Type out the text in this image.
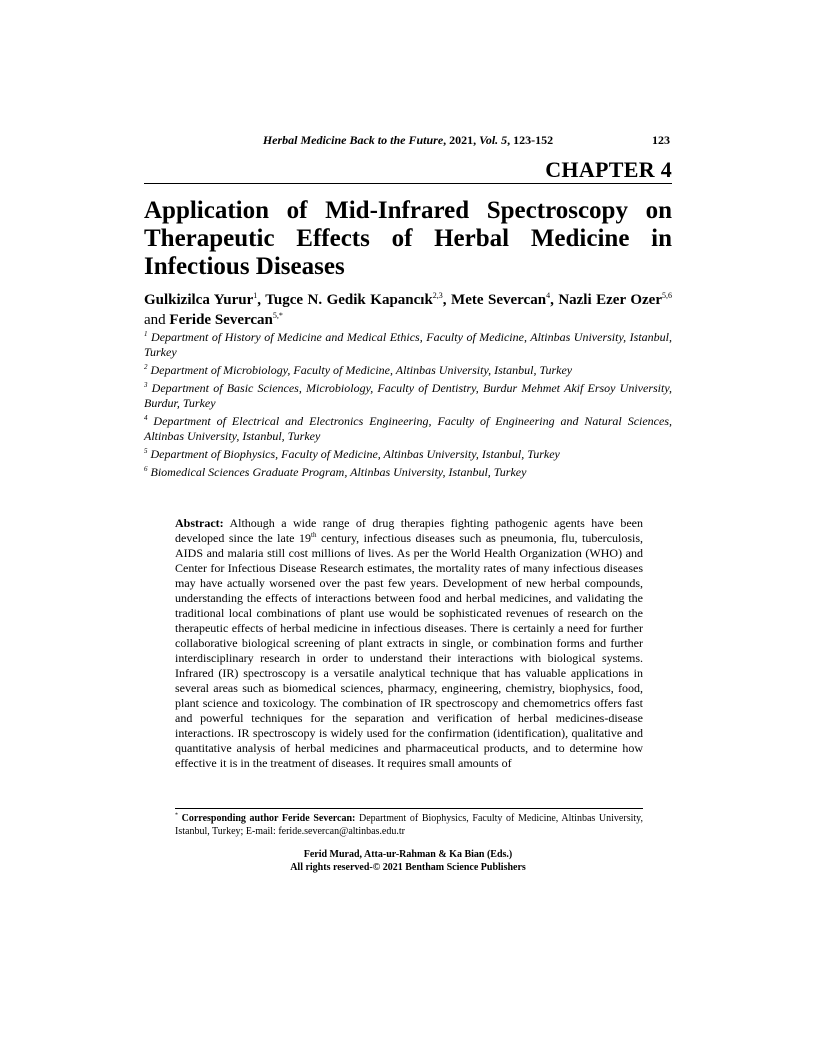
Herbal Medicine Back to the Future, 2021, Vol. 5, 123-152	123
CHAPTER 4
Application of Mid-Infrared Spectroscopy on Therapeutic Effects of Herbal Medicine in Infectious Diseases

Gulkizilca Yurur$^1$, Tugce N. Gedik Kapancık$^{2,3}$, Mete Severcan$^4$, Nazli Ezer Ozer$^{5,6}$ and Feride Severcan$^{5,*}$

$^1$ Department of History of Medicine and Medical Ethics, Faculty of Medicine, Altinbas University, Istanbul, Turkey

$^2$ Department of Microbiology, Faculty of Medicine, Altinbas University, Istanbul, Turkey

$^3$ Department of Basic Sciences, Microbiology, Faculty of Dentistry, Burdur Mehmet Akif Ersoy University, Burdur, Turkey

$^4$ Department of Electrical and Electronics Engineering, Faculty of Engineering and Natural Sciences, Altinbas University, Istanbul, Turkey

$^5$ Department of Biophysics, Faculty of Medicine, Altinbas University, Istanbul, Turkey

$^6$ Biomedical Sciences Graduate Program, Altinbas University, Istanbul, Turkey

Abstract: Although a wide range of drug therapies fighting pathogenic agents have been developed since the late 19th century, infectious diseases such as pneumonia, flu, tuberculosis, AIDS and malaria still cost millions of lives. As per the World Health Organization (WHO) and Center for Infectious Disease Research estimates, the mortality rates of many infectious diseases may have actually worsened over the past few years. Development of new herbal compounds, understanding the effects of interactions between food and herbal medicines, and validating the traditional local combinations of plant use would be sophisticated revenues of research on the therapeutic effects of herbal medicine in infectious diseases. There is certainly a need for further collaborative biological screening of plant extracts in single, or combination forms and further interdisciplinary research in order to understand their interactions with biological systems. Infrared (IR) spectroscopy is a versatile analytical technique that has valuable applications in several areas such as biomedical sciences, pharmacy, engineering, chemistry, biophysics, food, plant science and toxicology. The combination of IR spectroscopy and chemometrics offers fast and powerful techniques for the separation and verification of herbal medicines-disease interactions. IR spectroscopy is widely used for the confirmation (identification), qualitative and quantitative analysis of herbal medicines and pharmaceutical products, and to determine how effective it is in the treatment of diseases. It requires small amounts of

* Corresponding author Feride Severcan: Department of Biophysics, Faculty of Medicine, Altinbas University, Istanbul, Turkey; E-mail: feride.severcan@altinbas.edu.tr

Ferid Murad, Atta-ur-Rahman & Ka Bian (Eds.)
All rights reserved-© 2021 Bentham Science Publishers
